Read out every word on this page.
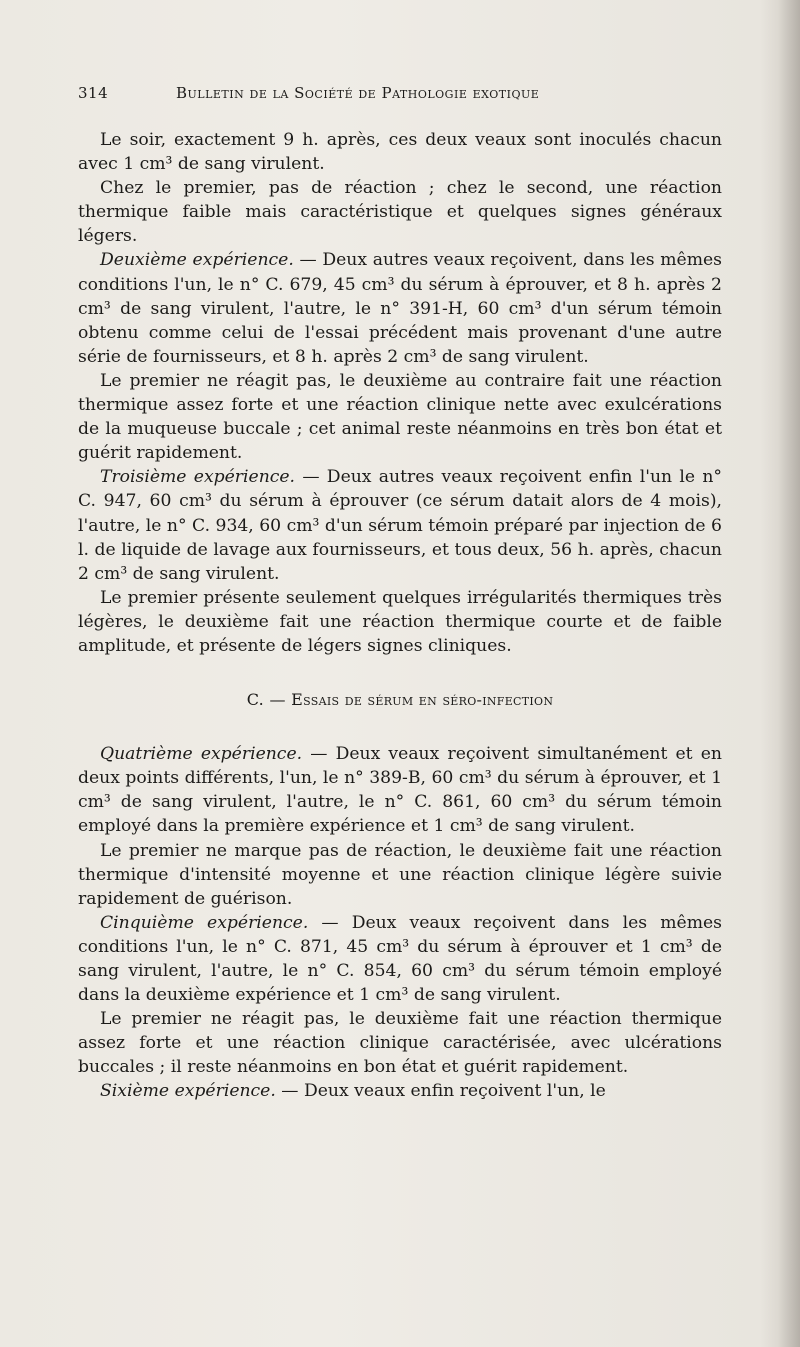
314	Bulletin de la Société de Pathologie exotique

Le soir, exactement 9 h. après, ces deux veaux sont inoculés chacun avec 1 cm³ de sang virulent.

Chez le premier, pas de réaction ; chez le second, une réaction thermique faible mais caractéristique et quelques signes généraux légers.

Deuxième expérience. — Deux autres veaux reçoivent, dans les mêmes conditions l'un, le n° C. 679, 45 cm³ du sérum à éprouver, et 8 h. après 2 cm³ de sang virulent, l'autre, le n° 391-H, 60 cm³ d'un sérum témoin obtenu comme celui de l'essai précédent mais provenant d'une autre série de fournisseurs, et 8 h. après 2 cm³ de sang virulent.

Le premier ne réagit pas, le deuxième au contraire fait une réaction thermique assez forte et une réaction clinique nette avec exulcérations de la muqueuse buccale ; cet animal reste néanmoins en très bon état et guérit rapidement.

Troisième expérience. — Deux autres veaux reçoivent enfin l'un le n° C. 947, 60 cm³ du sérum à éprouver (ce sérum datait alors de 4 mois), l'autre, le n° C. 934, 60 cm³ d'un sérum témoin préparé par injection de 6 l. de liquide de lavage aux fournisseurs, et tous deux, 56 h. après, chacun 2 cm³ de sang virulent.

Le premier présente seulement quelques irrégularités thermiques très légères, le deuxième fait une réaction thermique courte et de faible amplitude, et présente de légers signes cliniques.

C. — Essais de sérum en séro-infection

Quatrième expérience. — Deux veaux reçoivent simultanément et en deux points différents, l'un, le n° 389-B, 60 cm³ du sérum à éprouver, et 1 cm³ de sang virulent, l'autre, le n° C. 861, 60 cm³ du sérum témoin employé dans la première expérience et 1 cm³ de sang virulent.

Le premier ne marque pas de réaction, le deuxième fait une réaction thermique d'intensité moyenne et une réaction clinique légère suivie rapidement de guérison.

Cinquième expérience. — Deux veaux reçoivent dans les mêmes conditions l'un, le n° C. 871, 45 cm³ du sérum à éprouver et 1 cm³ de sang virulent, l'autre, le n° C. 854, 60 cm³ du sérum témoin employé dans la deuxième expérience et 1 cm³ de sang virulent.

Le premier ne réagit pas, le deuxième fait une réaction thermique assez forte et une réaction clinique caractérisée, avec ulcérations buccales ; il reste néanmoins en bon état et guérit rapidement.

Sixième expérience. — Deux veaux enfin reçoivent l'un, le
